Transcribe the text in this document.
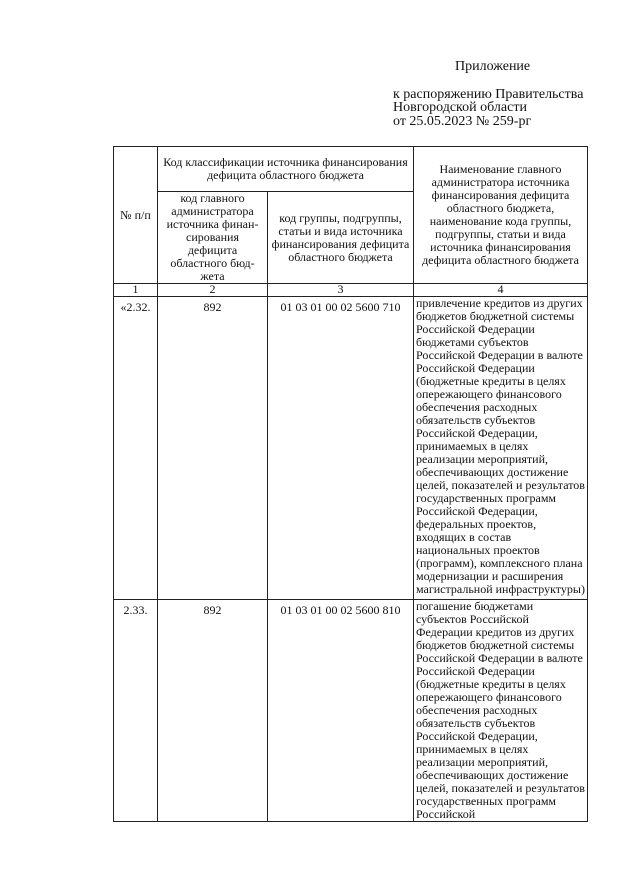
Приложение
к распоряжению Правительства
Новгородской области
от 25.05.2023 № 259-рг
№ п/п	Код классификации источника финансирования дефицита областного бюджета		Наименование главного администратора источника финансирования дефицита областного бюджета, наименование кода группы, подгруппы, статьи и вида источника финансирования дефицита областного бюджета
	код главного администратора источника финан-сирования дефицита областного бюд-жета	код группы, подгруппы, статьи и вида источника финансирования дефицита областного бюджета	
1	2	3	4
«2.32.	892	01 03 01 00 02 5600 710	привлечение кредитов из других бюджетов бюджетной системы Российской Федерации бюджетами субъектов Российской Федерации в валюте Российской Федерации (бюджетные кредиты в целях опережающего финансового обеспечения расходных обязательств субъектов Российской Федерации, принимаемых в целях реализации мероприятий, обеспечивающих достижение целей, показателей и результатов государственных программ Российской Федерации, федеральных проектов, входящих в состав национальных проектов (программ), комплексного плана модернизации и расширения магистральной инфраструктуры)
2.33.	892	01 03 01 00 02 5600 810	погашение бюджетами субъектов Российской Федерации кредитов из других бюджетов бюджетной системы Российской Федерации в валюте Российской Федерации (бюджетные кредиты в целях опережающего финансового обеспечения расходных обязательств субъектов Российской Федерации, принимаемых в целях реализации мероприятий, обеспечивающих достижение целей, показателей и результатов государственных программ Российской
